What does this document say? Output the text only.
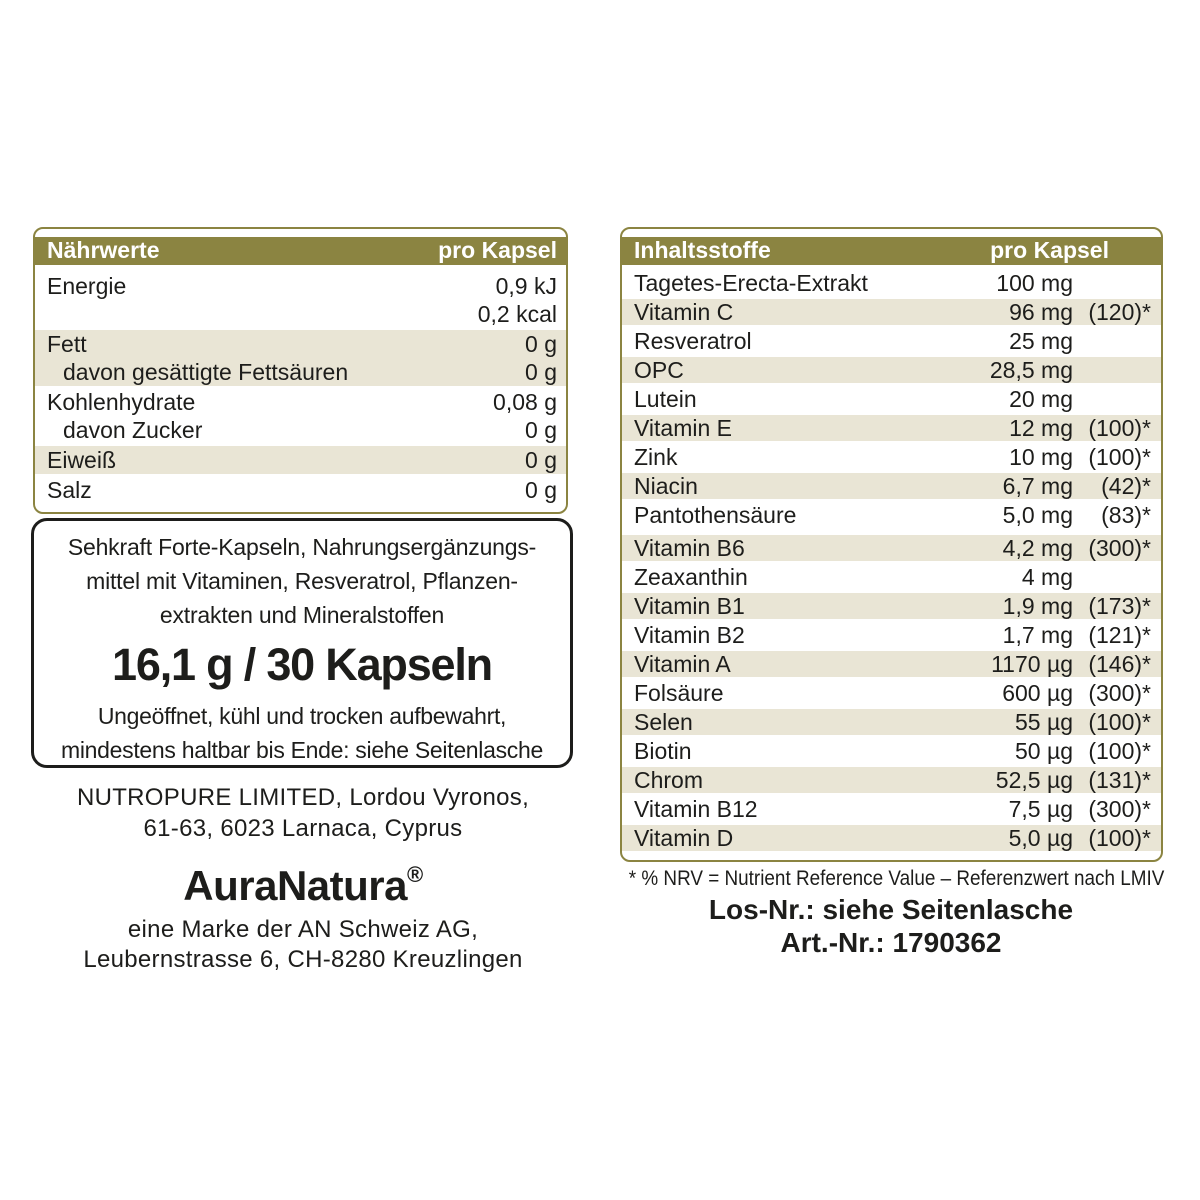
Nährwerte	pro Kapsel
Energie	0,9 kJ
0,2 kcal
Fett	0 g
davon gesättigte Fettsäuren	0 g
Kohlenhydrate	0,08 g
davon Zucker	0 g
Eiweiß	0 g
Salz	0 g
Inhaltsstoffe	pro Kapsel
Tagetes-Erecta-Extrakt	100 mg
Vitamin C	96 mg (120)*
Resveratrol	25 mg
OPC	28,5 mg
Lutein	20 mg
Vitamin E	12 mg (100)*
Zink	10 mg (100)*
Niacin	6,7 mg	(42)*
Pantothensäure	5,0 mg	(83)*
Vitamin B6	4,2 mg (300)*
Zeaxanthin	4 mg
Vitamin B1	1,9 mg (173)*
Vitamin B2	1,7 mg (121)*
Vitamin A	1170 µg (146)*
Folsäure	600 µg (300)*
Selen	55 µg (100)*
Biotin	50 µg (100)*
Chrom	52,5 µg (131)*
Vitamin B12	7,5 µg (300)*
Vitamin D	5,0 µg (100)*
Sehkraft Forte-Kapseln, Nahrungsergänzungs-
mittel mit Vitaminen, Resveratrol, Pflanzen-
extrakten und Mineralstoffen
16,1 g / 30 Kapseln
Ungeöffnet, kühl und trocken aufbewahrt,
mindestens haltbar bis Ende: siehe Seitenlasche
NUTROPURE LIMITED, Lordou Vyronos,
61-63, 6023 Larnaca, Cyprus
AuraNatura®
eine Marke der AN Schweiz AG,
Leubernstrasse 6, CH-8280 Kreuzlingen
* % NRV = Nutrient Reference Value – Referenzwert nach LMIV
Los-Nr.: siehe Seitenlasche
Art.-Nr.: 1790362
